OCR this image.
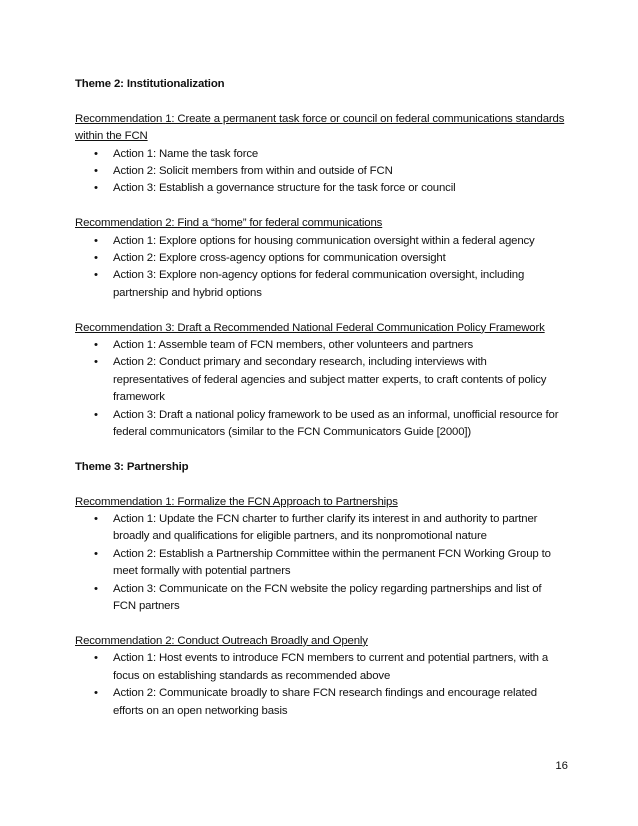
Theme 2: Institutionalization

Recommendation 1: Create a permanent task force or council on federal communications standards within the FCN

•	Action 1: Name the task force
•	Action 2: Solicit members from within and outside of FCN
•	Action 3: Establish a governance structure for the task force or council

Recommendation 2: Find a “home” for federal communications

•	Action 1: Explore options for housing communication oversight within a federal agency
•	Action 2: Explore cross-agency options for communication oversight
•	Action 3: Explore non-agency options for federal communication oversight, including partnership and hybrid options

Recommendation 3: Draft a Recommended National Federal Communication Policy Framework

•	Action 1: Assemble team of FCN members, other volunteers and partners
•	Action 2: Conduct primary and secondary research, including interviews with representatives of federal agencies and subject matter experts, to craft contents of policy framework
•	Action 3: Draft a national policy framework to be used as an informal, unofficial resource for federal communicators (similar to the FCN Communicators Guide [2000])

Theme 3: Partnership

Recommendation 1: Formalize the FCN Approach to Partnerships

•	Action 1: Update the FCN charter to further clarify its interest in and authority to partner broadly and qualifications for eligible partners, and its nonpromotional nature
•	Action 2: Establish a Partnership Committee within the permanent FCN Working Group to meet formally with potential partners
•	Action 3: Communicate on the FCN website the policy regarding partnerships and list of FCN partners

Recommendation 2: Conduct Outreach Broadly and Openly

•	Action 1: Host events to introduce FCN members to current and potential partners, with a focus on establishing standards as recommended above
•	Action 2: Communicate broadly to share FCN research findings and encourage related efforts on an open networking basis
16
